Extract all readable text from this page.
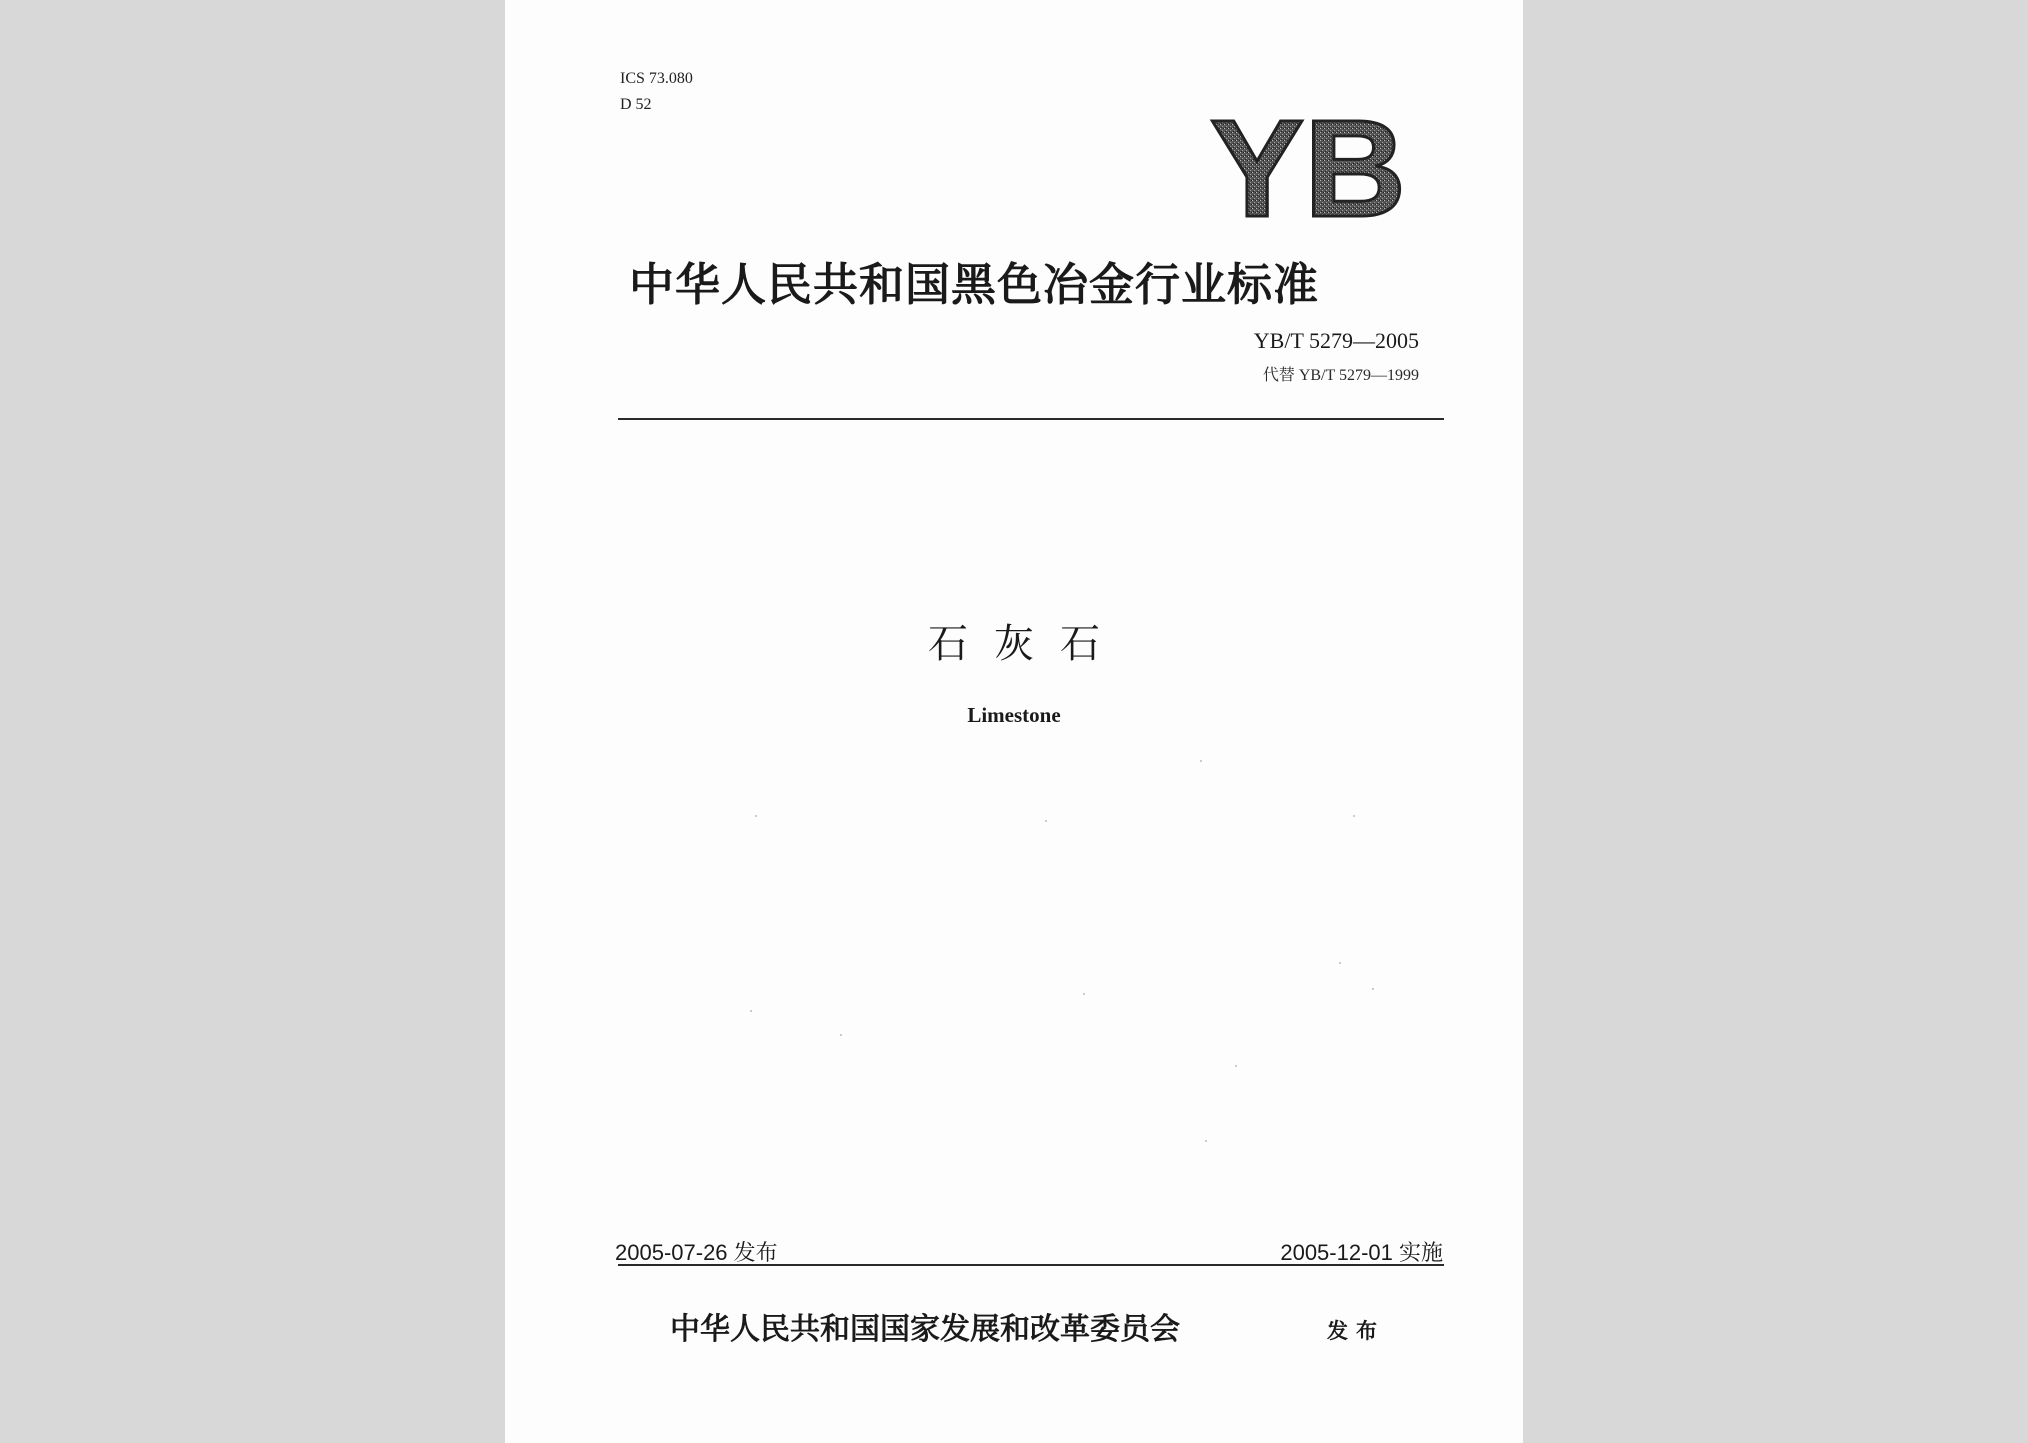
ICS 73.080
D 52	YB
中华人民共和国黑色冶金行业标准
YB/T 5279—2005
代替 YB/T 5279—1999
石灰石
Limestone
2005-07-26 发布	2005-12-01 实施
中华人民共和国国家发展和改革委员会	发布
